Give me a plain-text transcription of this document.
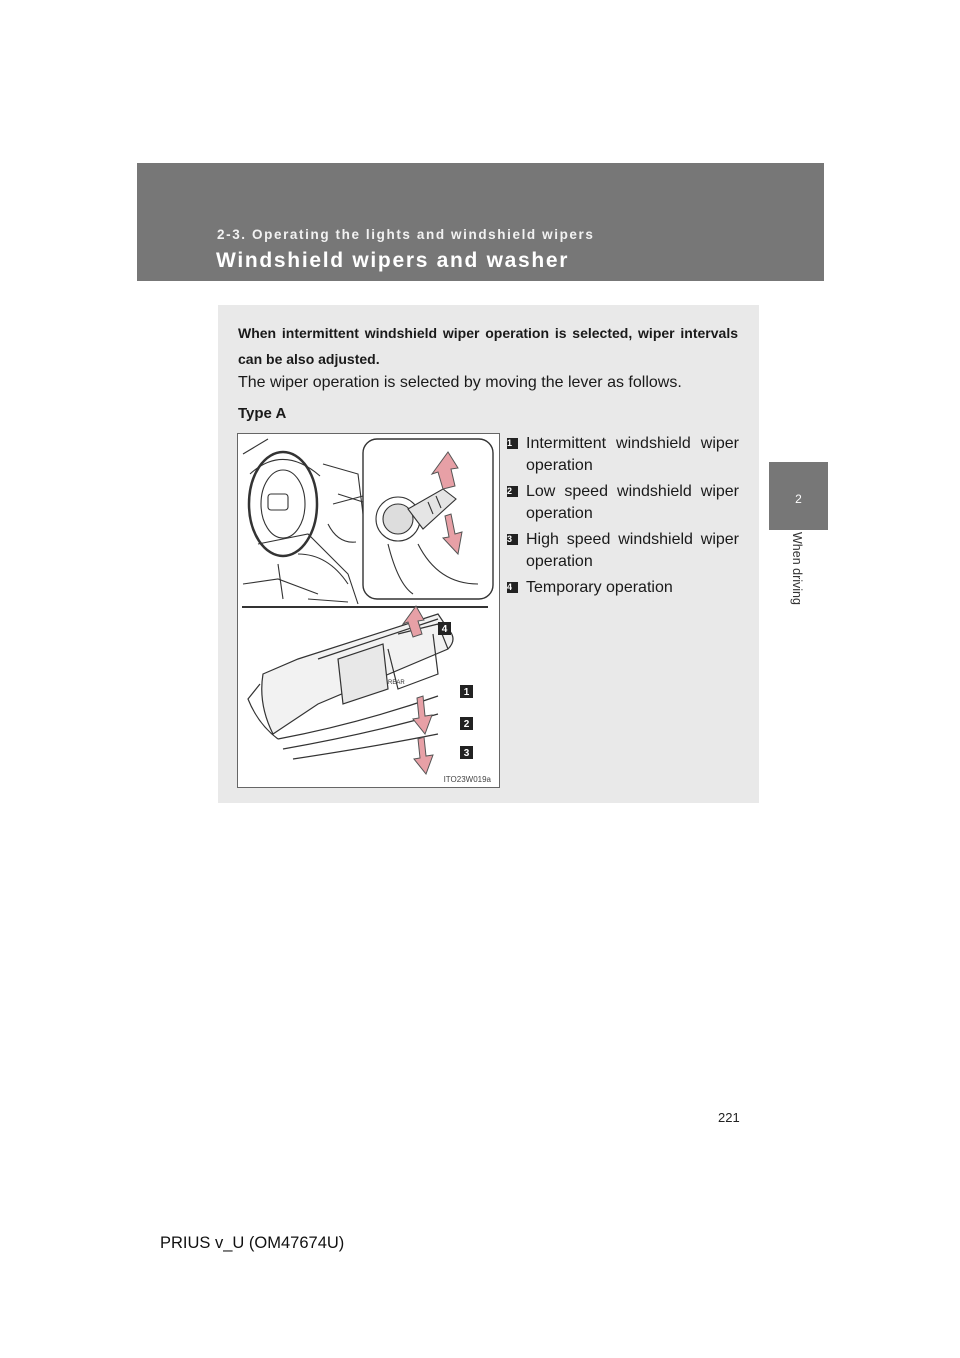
2-3. Operating the lights and windshield wipers
Windshield wipers and washer
2
When driving
When intermittent windshield wiper operation is selected, wiper intervals can be also adjusted.
The wiper operation is selected by moving the lever as follows.
Type A
REAR
4
1
2
3
ITO23W019a
1 Intermittent windshield wiper operation
2 Low speed windshield wiper operation
3 High speed windshield wiper operation
4 Temporary operation
221
PRIUS v_U (OM47674U)
